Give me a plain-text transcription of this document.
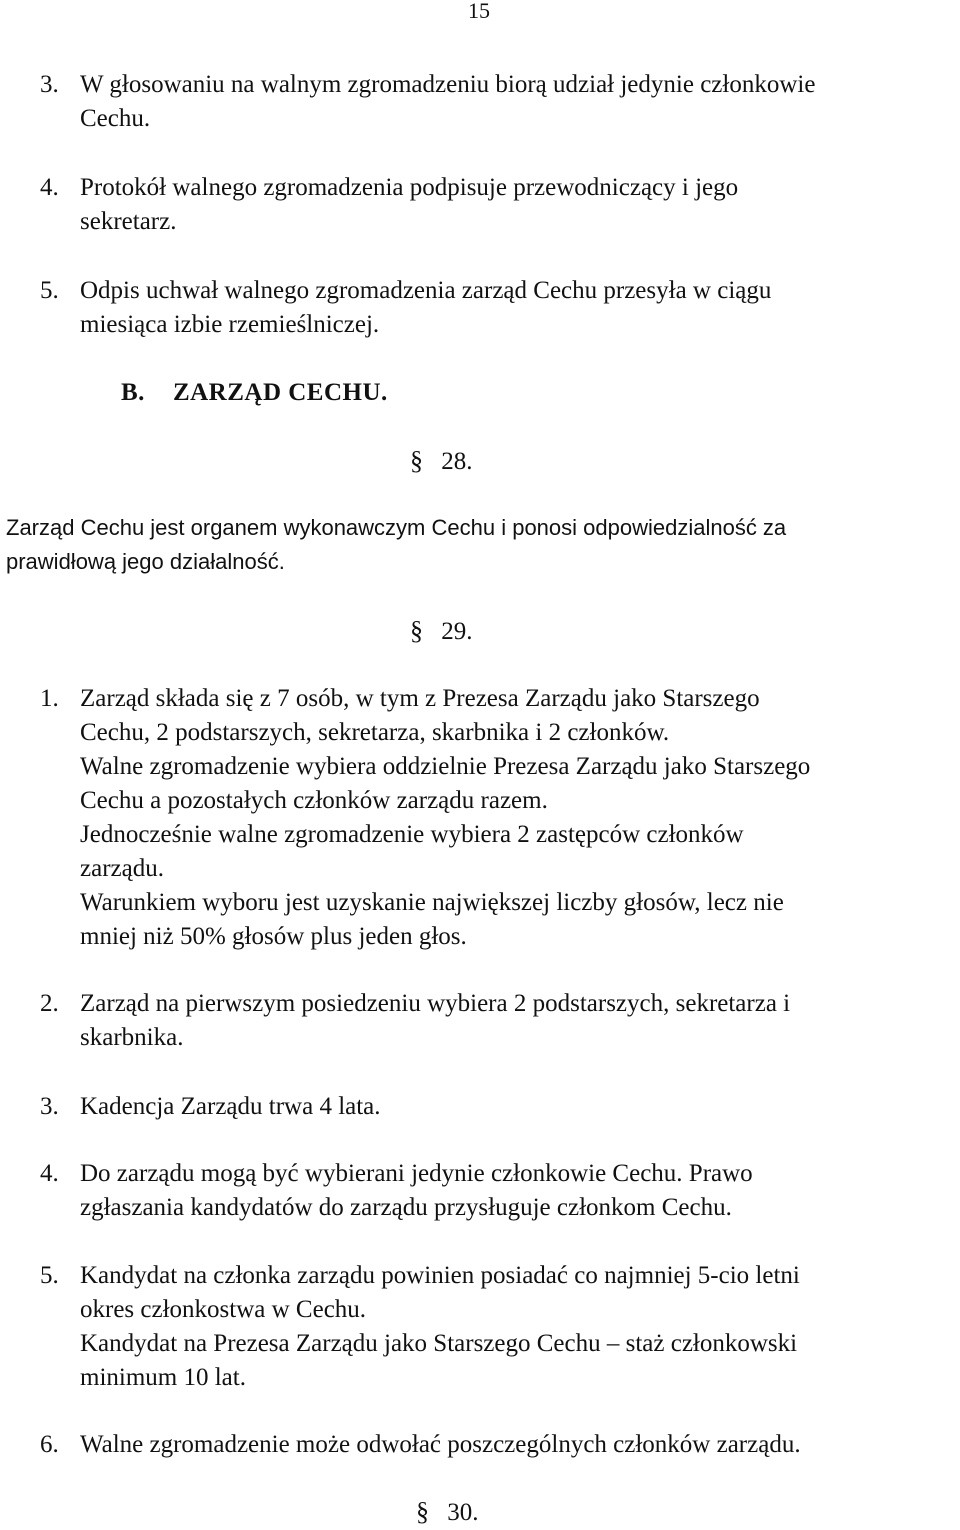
15
3. W głosowaniu na walnym zgromadzeniu biorą udział jedynie członkowie
Cechu.
4. Protokół walnego zgromadzenia podpisuje przewodniczący i jego
sekretarz.
5. Odpis uchwał walnego zgromadzenia zarząd Cechu przesyła w ciągu
miesiąca izbie rzemieślniczej.
B. ZARZĄD CECHU.
§ 28.
Zarząd Cechu jest organem wykonawczym Cechu i ponosi odpowiedzialność za
prawidłową jego działalność.
§ 29.
1. Zarząd składa się z 7 osób, w tym z Prezesa Zarządu jako Starszego
Cechu, 2 podstarszych, sekretarza, skarbnika i 2 członków.
Walne zgromadzenie wybiera oddzielnie Prezesa Zarządu jako Starszego
Cechu a pozostałych członków zarządu razem.
Jednocześnie walne zgromadzenie wybiera 2 zastępców członków
zarządu.
Warunkiem wyboru jest uzyskanie największej liczby głosów, lecz nie
mniej niż 50% głosów plus jeden głos.
2. Zarząd na pierwszym posiedzeniu wybiera 2 podstarszych, sekretarza i
skarbnika.
3. Kadencja Zarządu trwa 4 lata.
4. Do zarządu mogą być wybierani jedynie członkowie Cechu. Prawo
zgłaszania kandydatów do zarządu przysługuje członkom Cechu.
5. Kandydat na członka zarządu powinien posiadać co najmniej 5-cio letni
okres członkostwa w Cechu.
Kandydat na Prezesa Zarządu jako Starszego Cechu – staż członkowski
minimum 10 lat.
6. Walne zgromadzenie może odwołać poszczególnych członków zarządu.
§ 30.
